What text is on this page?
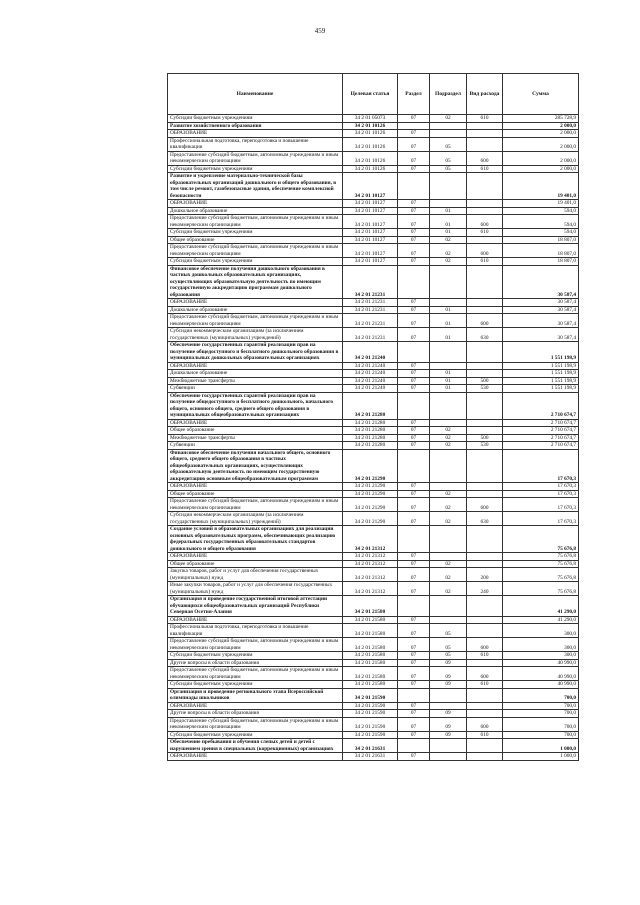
459
Наименование	Целевая статья	Раздел	Подраздел	Вид расхода	Сумма
Субсидии бюджетным учреждениям	34 2 01 05073	07	02	610	285 728,9
Развитие хозяйственного образования	34 2 01 10126				2 000,0
ОБРАЗОВАНИЕ	34 2 01 10126	07			2 000,0
Профессиональная подготовка, переподготовка и повышение квалификации	34 2 01 10126	07	05		2 000,0
Предоставление субсидий бюджетным, автономным учреждениям и иным некоммерческим организациям	34 2 01 10126	07	05	600	2 000,0
Субсидии бюджетным учреждениям	34 2 01 10126	07	05	610	2 000,0
Развитие и укрепление материально-технической базы образовательных организаций дошкольного и общего образования, в том числе ремонт, газобезопасные здания, обеспечение комплексной безопасности	34 2 01 10127				19 401,0
ОБРАЗОВАНИЕ	34 2 01 10127	07			19 401,0
Дошкольное образование	34 2 01 10127	07	01		594,0
Предоставление субсидий бюджетным, автономным учреждениям и иным некоммерческим организациям	34 2 01 10127	07	01	600	594,0
Субсидии бюджетным учреждениям	34 2 01 10127	07	01	610	594,0
Общее образование	34 2 01 10127	07	02		18 807,0
Предоставление субсидий бюджетным, автономным учреждениям и иным некоммерческим организациям	34 2 01 10127	07	02	600	18 807,0
Субсидии бюджетным учреждениям	34 2 01 10127	07	02	610	18 807,0
Финансовое обеспечение получения дошкольного образования в частных дошкольных образовательных организациях, осуществляющих образовательную деятельность по имеющим государственную аккредитацию программам дошкольного образования	34 2 01 21231				30 587,4
ОБРАЗОВАНИЕ	34 2 01 21231	07			30 587,4
Дошкольное образование	34 2 01 21231	07	01		30 587,4
Предоставление субсидий бюджетным, автономным учреждениям и иным некоммерческим организациям	34 2 01 21231	07	01	600	30 587,4
Субсидии некоммерческим организациям (за исключением государственных (муниципальных) учреждений)	34 2 01 21231	07	01	630	30 587,4
Обеспечение государственных гарантий реализации прав на получение общедоступного и бесплатного дошкольного образования в муниципальных дошкольных образовательных организациях	34 2 01 21240				1 551 198,9
ОБРАЗОВАНИЕ	34 2 01 21240	07			1 551 198,9
Дошкольное образование	34 2 01 21240	07	01		1 551 198,9
Межбюджетные трансферты	34 2 01 21240	07	01	500	1 551 198,9
Субвенции	34 2 01 21240	07	01	530	1 551 198,9
Обеспечение государственных гарантий реализации прав на получение общедоступного и бесплатного дошкольного, начального общего, основного общего, среднего общего образования в муниципальных общеобразовательных организациях	34 2 01 21280				2 710 674,7
ОБРАЗОВАНИЕ	34 2 01 21280	07			2 710 674,7
Общее образование	34 2 01 21280	07	02		2 710 674,7
Межбюджетные трансферты	34 2 01 21280	07	02	500	2 710 674,7
Субвенции	34 2 01 21280	07	02	530	2 710 674,7
Финансовое обеспечение получения начального общего, основного общего, среднего общего образования в частных общеобразовательных организациях, осуществляющих образовательную деятельность по имеющим государственную аккредитацию основным общеобразовательным программам	34 2 01 21290				17 670,3
ОБРАЗОВАНИЕ	34 2 01 21290	07			17 670,3
Общее образование	34 2 01 21290	07	02		17 670,3
Предоставление субсидий бюджетным, автономным учреждениям и иным некоммерческим организациям	34 2 01 21290	07	02	600	17 670,3
Субсидии некоммерческим организациям (за исключением государственных (муниципальных) учреждений)	34 2 01 21290	07	02	630	17 670,3
Создание условий в образовательных организациях для реализации основных образовательных программ, обеспечивающих реализацию федеральных государственных образовательных стандартов дошкольного и общего образования	34 2 01 21312				75 676,8
ОБРАЗОВАНИЕ	34 2 01 21312	07			75 676,8
Общее образование	34 2 01 21312	07	02		75 676,8
Закупка товаров, работ и услуг для обеспечения государственных (муниципальных) нужд	34 2 01 21312	07	02	200	75 676,8
Иные закупки товаров, работ и услуг для обеспечения государственных (муниципальных) нужд	34 2 01 21312	07	02	240	75 676,8
Организация и проведение государственной итоговой аттестации обучающихся общеобразовательных организаций Республики Северная Осетия-Алания	34 2 01 21580				41 290,0
ОБРАЗОВАНИЕ	34 2 01 21580	07			41 290,0
Профессиональная подготовка, переподготовка и повышение квалификации	34 2 01 21580	07	05		300,0
Предоставление субсидий бюджетным, автономным учреждениям и иным некоммерческим организациям	34 2 01 21580	07	05	600	300,0
Субсидии бюджетным учреждениям	34 2 01 21580	07	05	610	300,0
Другие вопросы в области образования	34 2 01 21580	07	09		40 990,0
Предоставление субсидий бюджетным, автономным учреждениям и иным некоммерческим организациям	34 2 01 21580	07	09	600	40 990,0
Субсидии бюджетным учреждениям	34 2 01 21580	07	09	610	40 990,0
Организация и проведение регионального этапа Всероссийской олимпиады школьников	34 2 01 21590				700,0
ОБРАЗОВАНИЕ	34 2 01 21590	07			700,0
Другие вопросы в области образования	34 2 01 21590	07	09		700,0
Предоставление субсидий бюджетным, автономным учреждениям и иным некоммерческим организациям	34 2 01 21590	07	09	600	700,0
Субсидии бюджетным учреждениям	34 2 01 21590	07	09	610	700,0
Обеспечение пребывания и обучения слепых детей и детей с нарушением зрения в специальных (коррекционных) организациях	34 2 01 21631				1 000,0
ОБРАЗОВАНИЕ	34 2 01 21631	07			1 000,0
